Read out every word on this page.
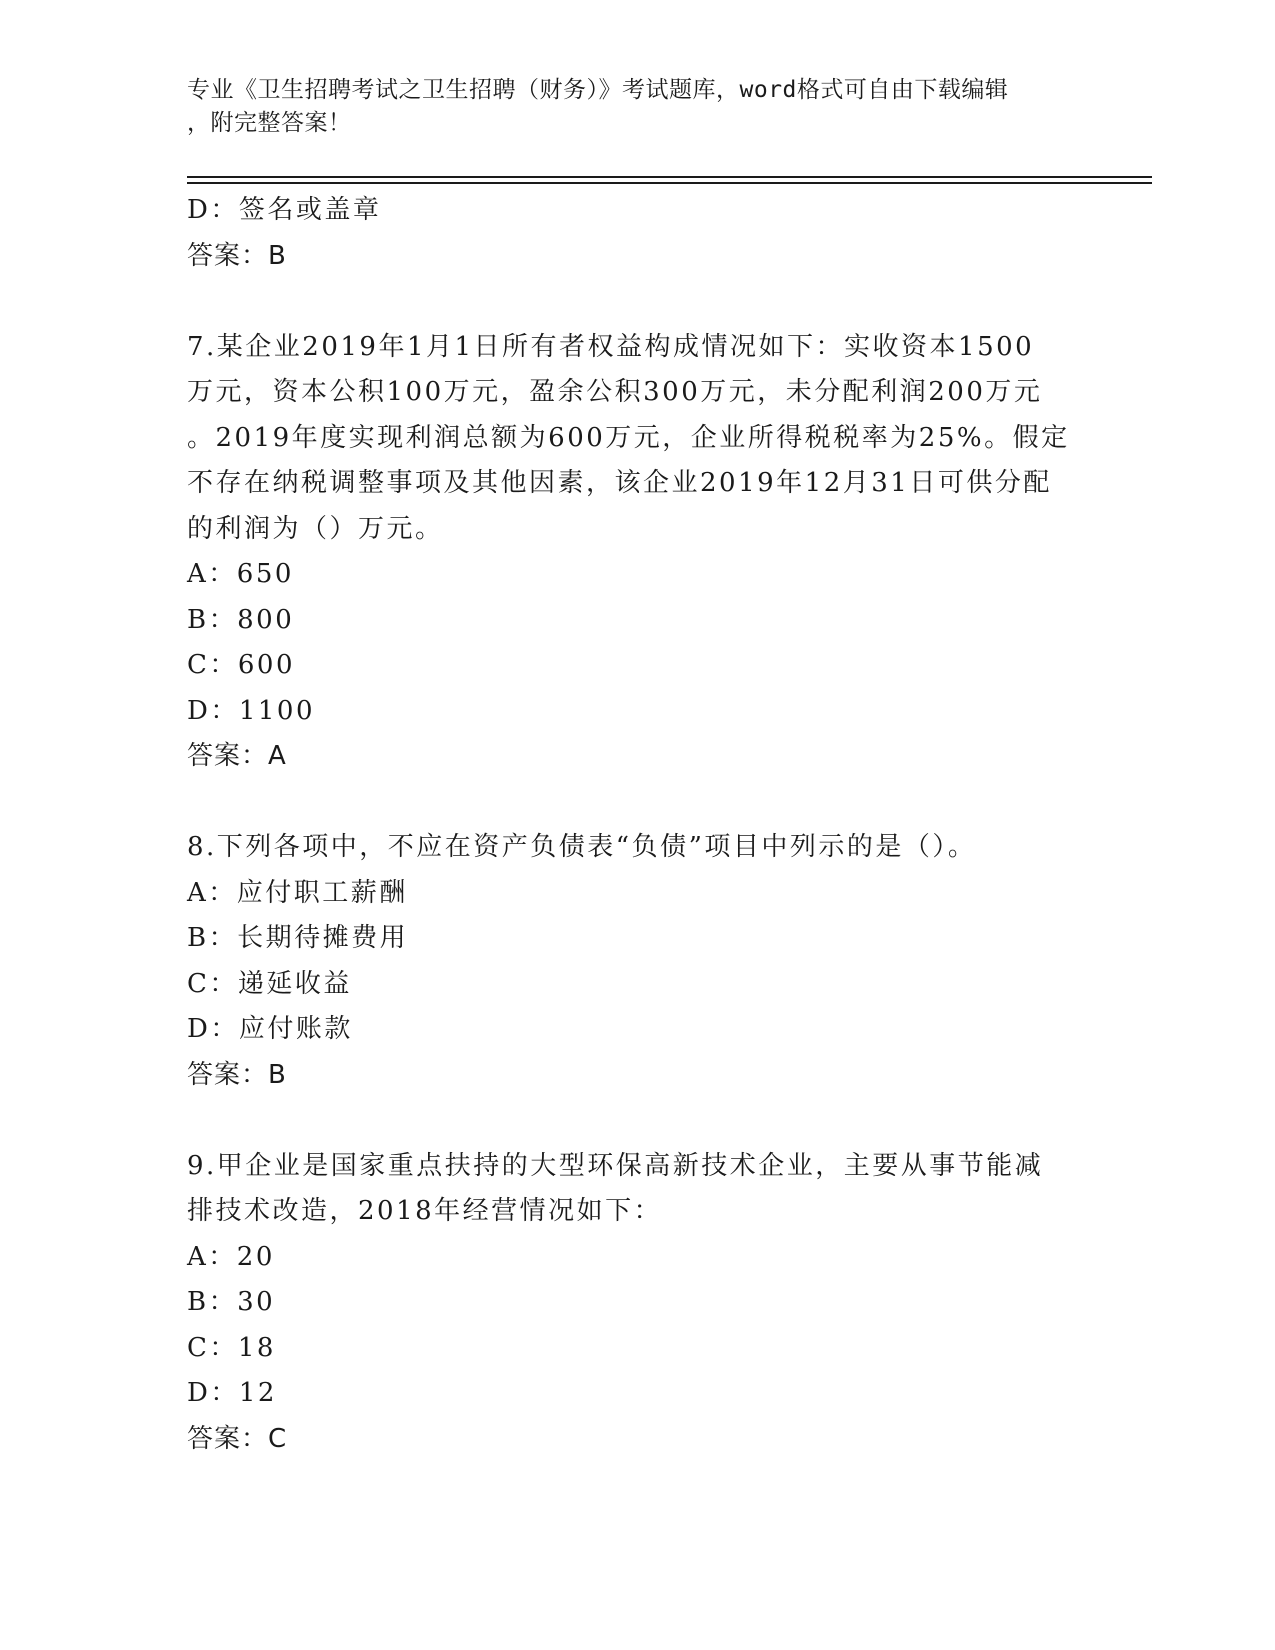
专业《卫生招聘考试之卫生招聘（财务）》考试题库，word格式可自由下载编辑
，附完整答案！
D：签名或盖章
答案：B
7.某企业2019年1月1日所有者权益构成情况如下：实收资本1500
万元，资本公积100万元，盈余公积300万元，未分配利润200万元
。2019年度实现利润总额为600万元，企业所得税税率为25%。假定
不存在纳税调整事项及其他因素，该企业2019年12月31日可供分配
的利润为（）万元。
A：650
B：800
C：600
D：1100
答案：A
8.下列各项中，不应在资产负债表“负债”项目中列示的是（）。
A：应付职工薪酬
B：长期待摊费用
C：递延收益
D：应付账款
答案：B
9.甲企业是国家重点扶持的大型环保高新技术企业，主要从事节能减
排技术改造，2018年经营情况如下：
A：20
B：30
C：18
D：12
答案：C
